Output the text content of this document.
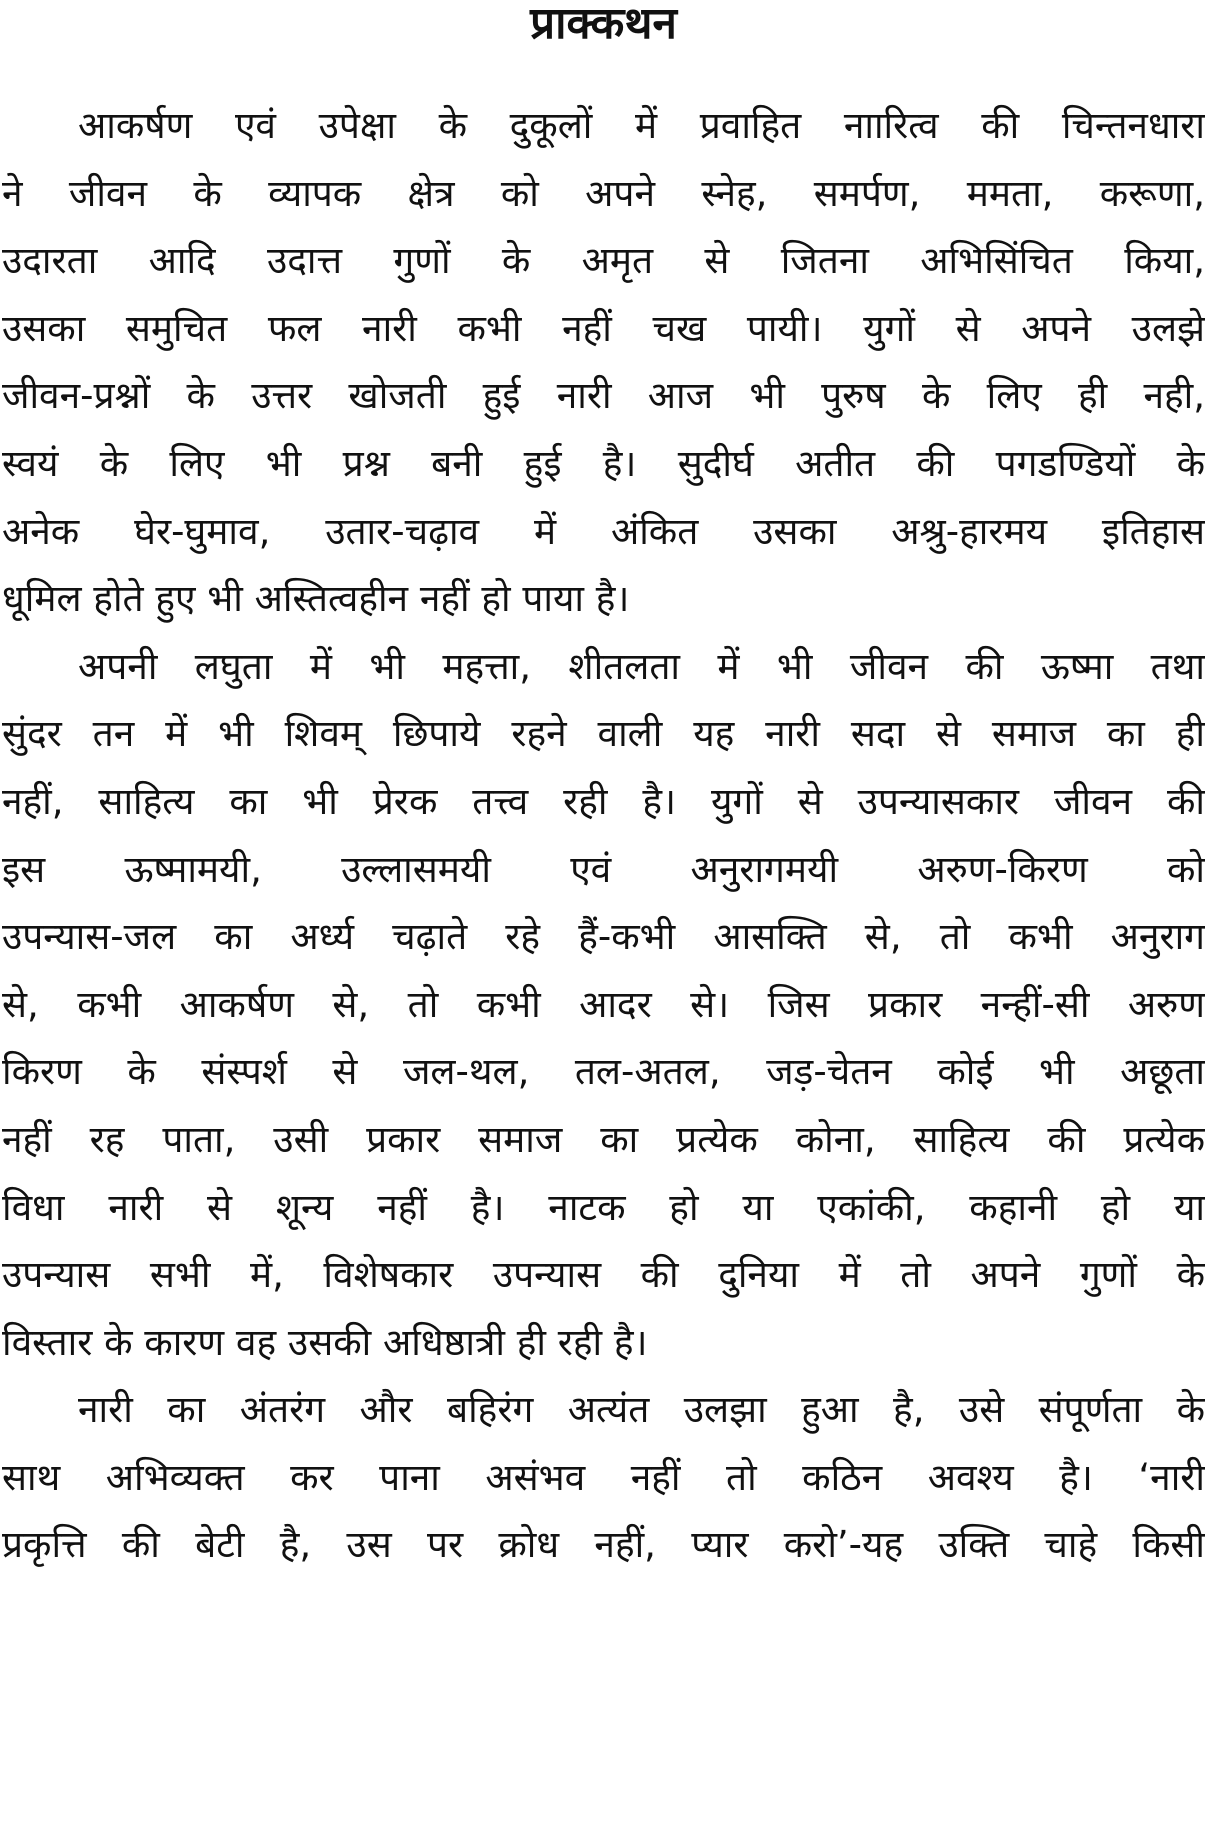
प्राक्कथन
आकर्षण एवं उपेक्षा के दुकूलों में प्रवाहित नाारित्व की चिन्तनधारा
ने जीवन के व्यापक क्षेत्र को अपने स्नेह, समर्पण, ममता, करूणा,
उदारता आदि उदात्त गुणों के अमृत से जितना अभिसिंचित किया,
उसका समुचित फल नारी कभी नहीं चख पायी। युगों से अपने उलझे
जीवन-प्रश्नों के उत्तर खोजती हुई नारी आज भी पुरुष के लिए ही नही,
स्वयं के लिए भी प्रश्न बनी हुई है। सुदीर्घ अतीत की पगडण्डियों के
अनेक घेर-घुमाव, उतार-चढ़ाव में अंकित उसका अश्रु-हारमय इतिहास
धूमिल होते हुए भी अस्तित्वहीन नहीं हो पाया है।
अपनी लघुता में भी महत्ता, शीतलता में भी जीवन की ऊष्मा तथा
सुंदर तन में भी शिवम् छिपाये रहने वाली यह नारी सदा से समाज का ही
नहीं, साहित्य का भी प्रेरक तत्त्व रही है। युगों से उपन्यासकार जीवन की
इस ऊष्मामयी, उल्लासमयी एवं अनुरागमयी अरुण-किरण को
उपन्यास-जल का अर्ध्य चढ़ाते रहे हैं-कभी आसक्ति से, तो कभी अनुराग
से, कभी आकर्षण से, तो कभी आदर से। जिस प्रकार नन्हीं-सी अरुण
किरण के संस्पर्श से जल-थल, तल-अतल, जड़-चेतन कोई भी अछूता
नहीं रह पाता, उसी प्रकार समाज का प्रत्येक कोना, साहित्य की प्रत्येक
विधा नारी से शून्य नहीं है। नाटक हो या एकांकी, कहानी हो या
उपन्यास सभी में, विशेषकार उपन्यास की दुनिया में तो अपने गुणों के
विस्तार के कारण वह उसकी अधिष्ठात्री ही रही है।
नारी का अंतरंग और बहिरंग अत्यंत उलझा हुआ है, उसे संपूर्णता के
साथ अभिव्यक्त कर पाना असंभव नहीं तो कठिन अवश्य है। ‘नारी
प्रकृत्ति की बेटी है, उस पर क्रोध नहीं, प्यार करो’-यह उक्ति चाहे किसी
